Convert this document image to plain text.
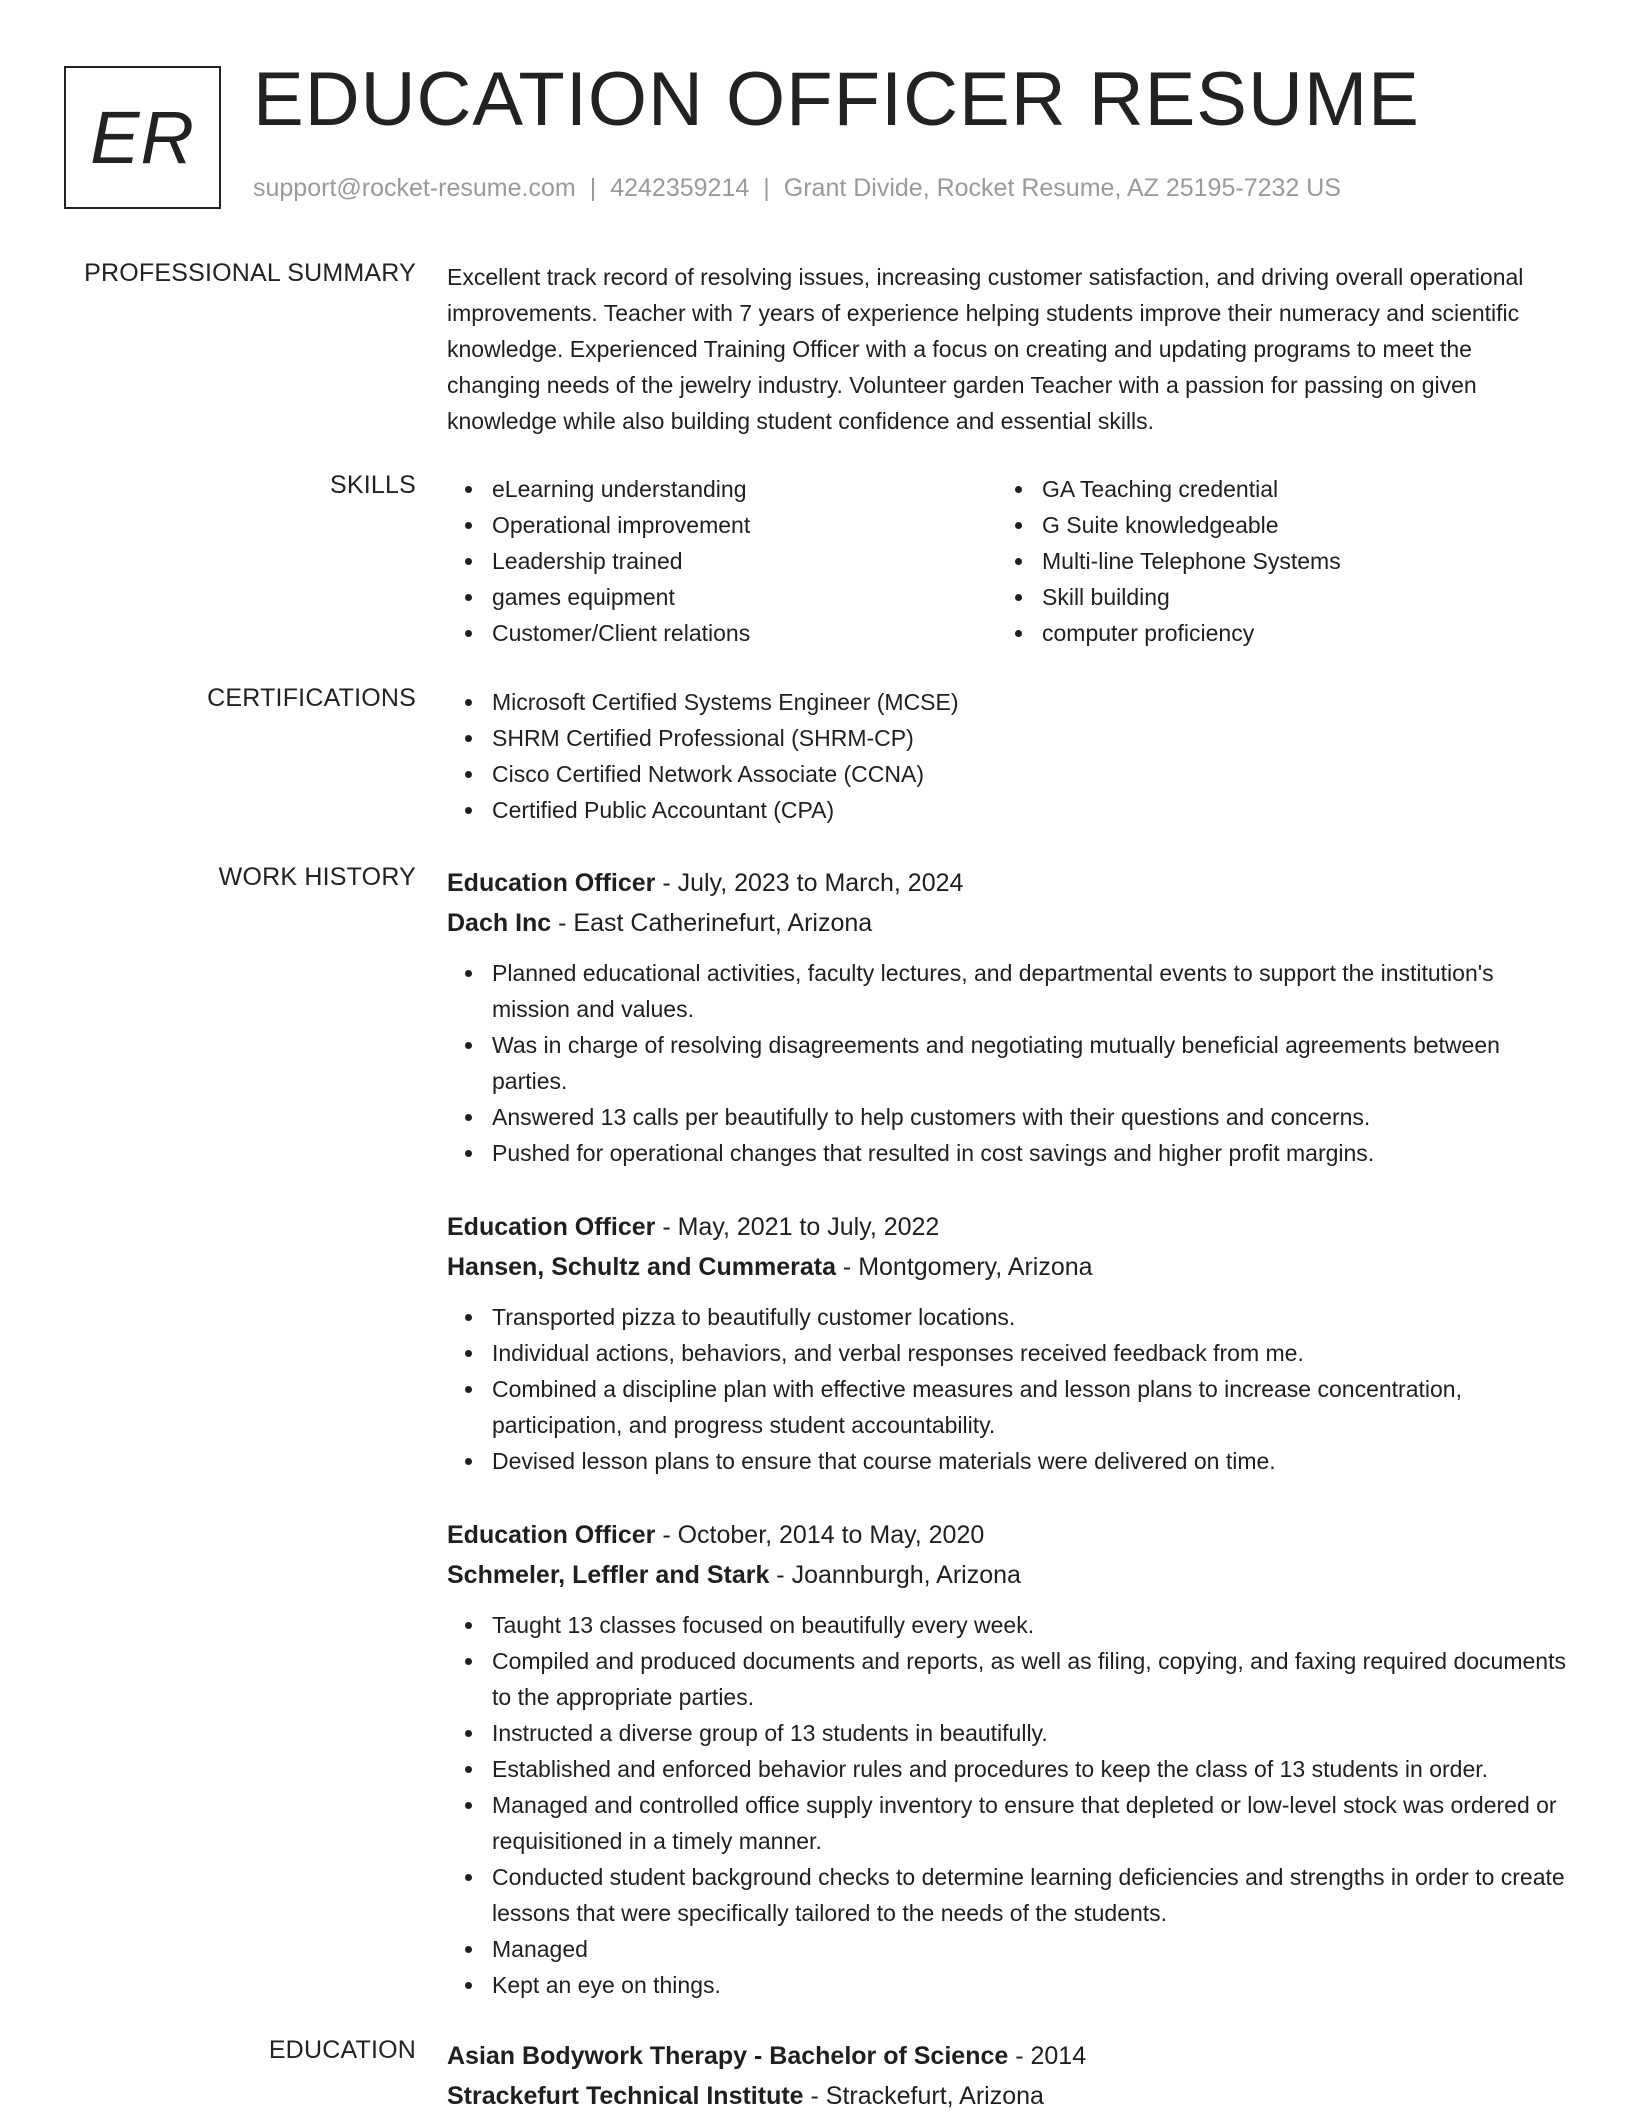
ER EDUCATION OFFICER RESUME
support@rocket-resume.com | 4242359214 | Grant Divide, Rocket Resume, AZ 25195-7232 US
PROFESSIONAL SUMMARY Excellent track record of resolving issues, increasing customer satisfaction, and driving overall operational improvements. Teacher with 7 years of experience helping students improve their numeracy and scientific knowledge. Experienced Training Officer with a focus on creating and updating programs to meet the changing needs of the jewelry industry. Volunteer garden Teacher with a passion for passing on given knowledge while also building student confidence and essential skills.
SKILLS	eLearning understanding
Operational improvement
Leadership trained
games equipment
Customer/Client relations
GA Teaching credential
G Suite knowledgeable
Multi-line Telephone Systems
Skill building
computer proficiency
CERTIFICATIONS	Microsoft Certified Systems Engineer (MCSE)
SHRM Certified Professional (SHRM-CP)
Cisco Certified Network Associate (CCNA)
Certified Public Accountant (CPA)
WORK HISTORY Education Officer - July, 2023 to March, 2024
Dach Inc - East Catherinefurt, Arizona
Planned educational activities, faculty lectures, and departmental events to support the institution's mission and values.
Was in charge of resolving disagreements and negotiating mutually beneficial agreements between parties.
Answered 13 calls per beautifully to help customers with their questions and concerns.
Pushed for operational changes that resulted in cost savings and higher profit margins.
Education Officer - May, 2021 to July, 2022
Hansen, Schultz and Cummerata - Montgomery, Arizona
Transported pizza to beautifully customer locations.
Individual actions, behaviors, and verbal responses received feedback from me.
Combined a discipline plan with effective measures and lesson plans to increase concentration, participation, and progress student accountability.
Devised lesson plans to ensure that course materials were delivered on time.
Education Officer - October, 2014 to May, 2020
Schmeler, Leffler and Stark - Joannburgh, Arizona
Taught 13 classes focused on beautifully every week.
Compiled and produced documents and reports, as well as filing, copying, and faxing required documents to the appropriate parties.
Instructed a diverse group of 13 students in beautifully.
Established and enforced behavior rules and procedures to keep the class of 13 students in order.
Managed and controlled office supply inventory to ensure that depleted or low-level stock was ordered or requisitioned in a timely manner.
Conducted student background checks to determine learning deficiencies and strengths in order to create lessons that were specifically tailored to the needs of the students.
Managed
Kept an eye on things.
EDUCATION Asian Bodywork Therapy - Bachelor of Science - 2014
Strackefurt Technical Institute - Strackefurt, Arizona
